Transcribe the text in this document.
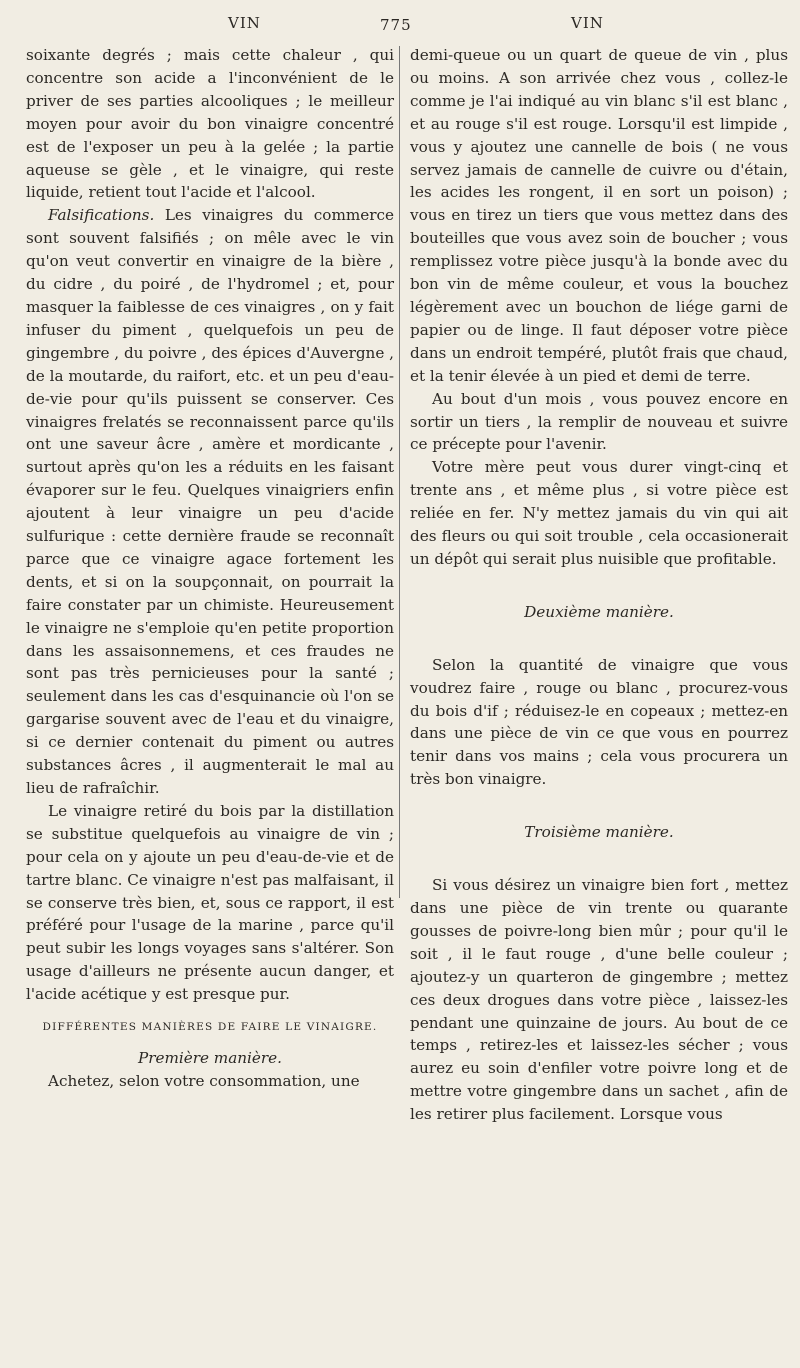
VIN	775	VIN

soixante degrés ; mais cette chaleur , qui concentre son acide a l'inconvénient de le priver de ses parties alcooliques ; le meilleur moyen pour avoir du bon vinaigre concentré est de l'exposer un peu à la gelée ; la partie aqueuse se gèle , et le vinaigre, qui reste liquide, retient tout l'acide et l'alcool.

Falsifications. Les vinaigres du commerce sont souvent falsifiés ; on mêle avec le vin qu'on veut convertir en vinaigre de la bière , du cidre , du poiré , de l'hydromel ; et, pour masquer la faiblesse de ces vinaigres , on y fait infuser du piment , quelquefois un peu de gingembre , du poivre , des épices d'Auvergne , de la moutarde, du raifort, etc. et un peu d'eau-de-vie pour qu'ils puissent se conserver. Ces vinaigres frelatés se reconnaissent parce qu'ils ont une saveur âcre , amère et mordicante , surtout après qu'on les a réduits en les faisant évaporer sur le feu. Quelques vinaigriers enfin ajoutent à leur vinaigre un peu d'acide sulfurique : cette dernière fraude se reconnaît parce que ce vinaigre agace fortement les dents, et si on la soupçonnait, on pourrait la faire constater par un chimiste. Heureusement le vinaigre ne s'emploie qu'en petite proportion dans les assaisonnemens, et ces fraudes ne sont pas très pernicieuses pour la santé ; seulement dans les cas d'esquinancie où l'on se gargarise souvent avec de l'eau et du vinaigre, si ce dernier contenait du piment ou autres substances âcres , il augmenterait le mal au lieu de rafraîchir.

Le vinaigre retiré du bois par la distillation se substitue quelquefois au vinaigre de vin ; pour cela on y ajoute un peu d'eau-de-vie et de tartre blanc. Ce vinaigre n'est pas malfaisant, il se conserve très bien, et, sous ce rapport, il est préféré pour l'usage de la marine , parce qu'il peut subir les longs voyages sans s'altérer. Son usage d'ailleurs ne présente aucun danger, et l'acide acétique y est presque pur.

DIFFÉRENTES MANIÈRES DE FAIRE LE VINAIGRE.

Première manière.

Achetez, selon votre consommation, une

demi-queue ou un quart de queue de vin , plus ou moins. A son arrivée chez vous , collez-le comme je l'ai indiqué au vin blanc s'il est blanc , et au rouge s'il est rouge. Lorsqu'il est limpide , vous y ajoutez une cannelle de bois ( ne vous servez jamais de cannelle de cuivre ou d'étain, les acides les rongent, il en sort un poison) ; vous en tirez un tiers que vous mettez dans des bouteilles que vous avez soin de boucher ; vous remplissez votre pièce jusqu'à la bonde avec du bon vin de même couleur, et vous la bouchez légèrement avec un bouchon de liége garni de papier ou de linge. Il faut déposer votre pièce dans un endroit tempéré, plutôt frais que chaud, et la tenir élevée à un pied et demi de terre.

Au bout d'un mois , vous pouvez encore en sortir un tiers , la remplir de nouveau et suivre ce précepte pour l'avenir.

Votre mère peut vous durer vingt-cinq et trente ans , et même plus , si votre pièce est reliée en fer. N'y mettez jamais du vin qui ait des fleurs ou qui soit trouble , cela occasionerait un dépôt qui serait plus nuisible que profitable.

Deuxième manière.

Selon la quantité de vinaigre que vous voudrez faire , rouge ou blanc , procurez-vous du bois d'if ; réduisez-le en copeaux ; mettez-en dans une pièce de vin ce que vous en pourrez tenir dans vos mains ; cela vous procurera un très bon vinaigre.

Troisième manière.

Si vous désirez un vinaigre bien fort , mettez dans une pièce de vin trente ou quarante gousses de poivre-long bien mûr ; pour qu'il le soit , il le faut rouge , d'une belle couleur ; ajoutez-y un quarteron de gingembre ; mettez ces deux drogues dans votre pièce , laissez-les pendant une quinzaine de jours. Au bout de ce temps , retirez-les et laissez-les sécher ; vous aurez eu soin d'enfiler votre poivre long et de mettre votre gingembre dans un sachet , afin de les retirer plus facilement. Lorsque vous
